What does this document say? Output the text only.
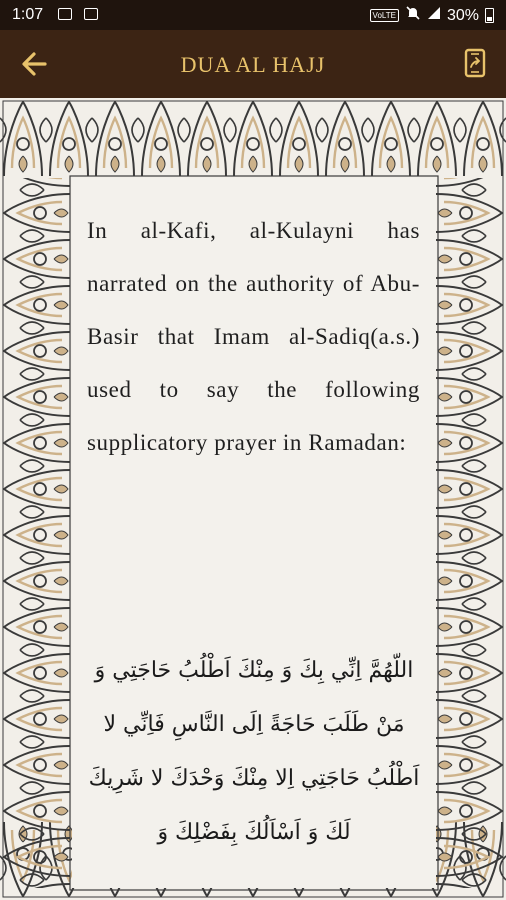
1:07	VoLTE	30%
DUA AL HAJJ

In al-Kafi, al-Kulayni has narrated on the authority of Abu-Basir that Imam al-Sadiq(a.s.) used to say the following supplicatory prayer in Ramadan:

اللّهُمَّ اِنِّي بِكَ وَ مِنْكَ اَطْلُبُ حَاجَتِي وَ مَنْ طَلَبَ حَاجَةً اِلَى النَّاسِ فَاِنِّي لا اَطْلُبُ حَاجَتِي اِلا مِنْكَ وَحْدَكَ لا شَرِيكَ لَكَ وَ اَسْاَلُكَ بِفَضْلِكَ وَ
